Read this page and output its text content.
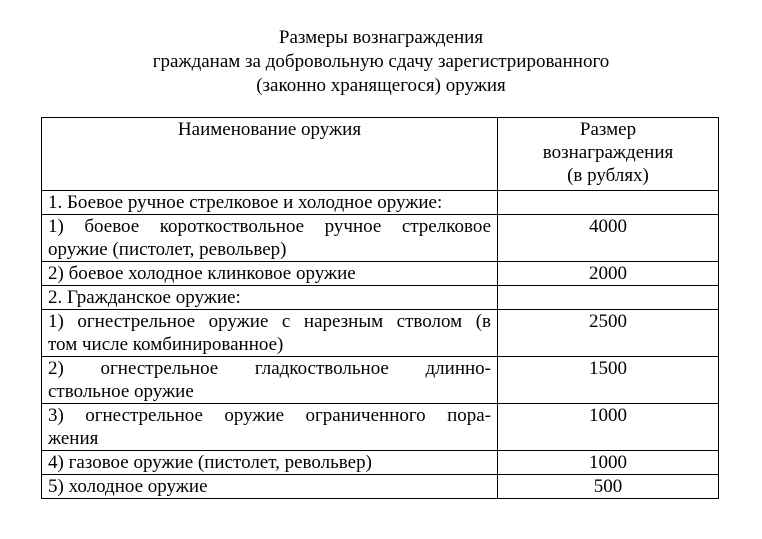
Размеры вознаграждения
гражданам за добровольную сдачу зарегистрированного
(законно хранящегося) оружия
Наименование оружия	Размер
вознаграждения
(в рублях)

1. Боевое ручное стрелковое и холодное оружие:	

1) боевое короткоствольное ручное стрелковое
оружие (пистолет, револьвер)	4000
2) боевое холодное клинковое оружие	2000
2. Гражданское оружие:	

1) огнестрельное оружие с нарезным стволом (в
том числе комбинированное)	2500

2) огнестрельное гладкоствольное длинно-
ствольное оружие	1500

3) огнестрельное оружие ограниченного пора-
жения	1000
4) газовое оружие (пистолет, револьвер)	1000
5) холодное оружие	500
